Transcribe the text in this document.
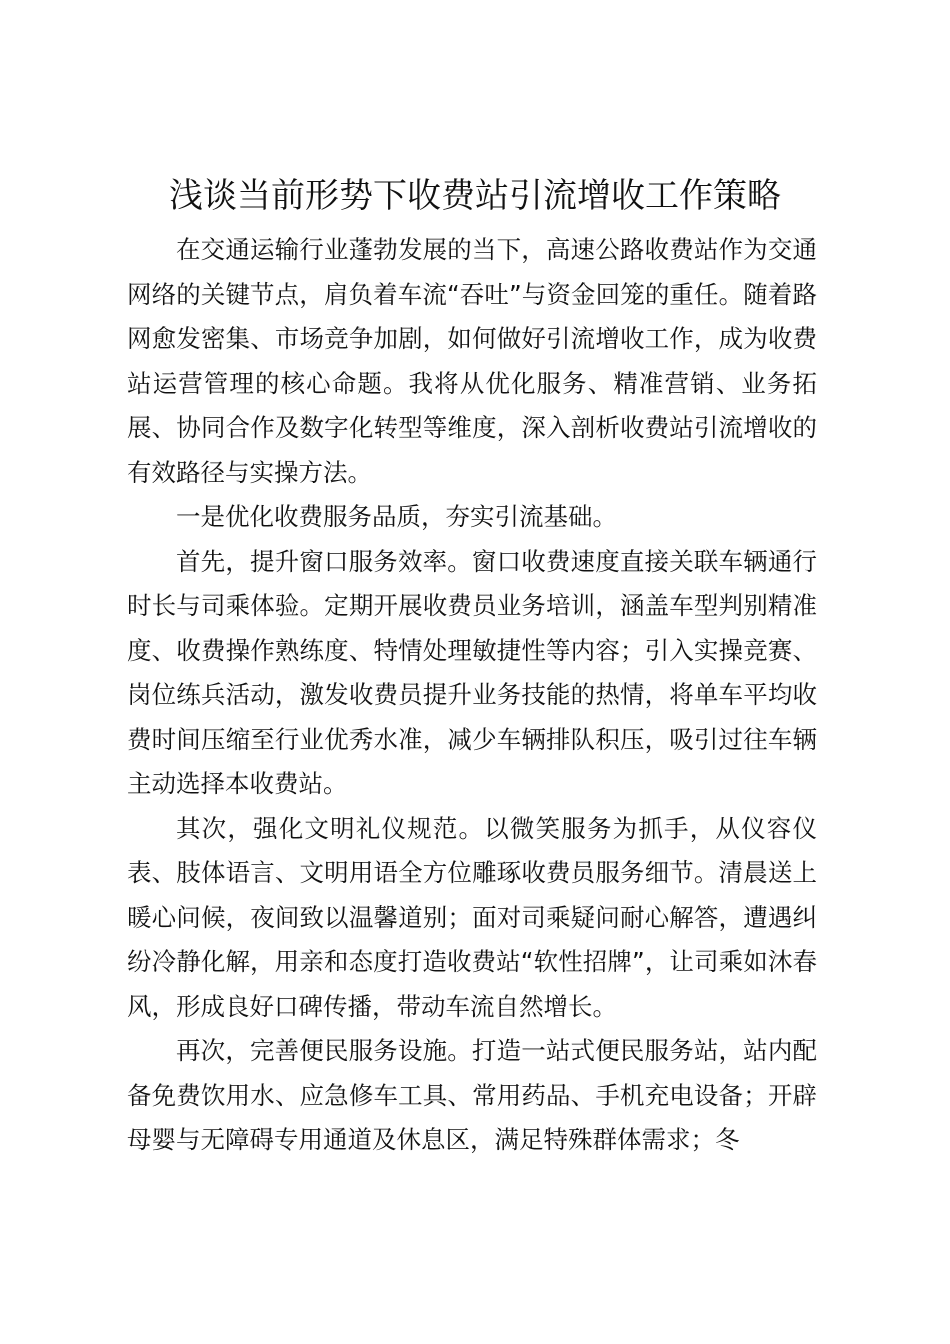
浅谈当前形势下收费站引流增收工作策略

在交通运输行业蓬勃发展的当下，高速公路收费站作为交通网络的关键节点，肩负着车流“吞吐”与资金回笼的重任。随着路网愈发密集、市场竞争加剧，如何做好引流增收工作，成为收费站运营管理的核心命题。我将从优化服务、精准营销、业务拓展、协同合作及数字化转型等维度，深入剖析收费站引流增收的有效路径与实操方法。

一是优化收费服务品质，夯实引流基础。

首先，提升窗口服务效率。窗口收费速度直接关联车辆通行时长与司乘体验。定期开展收费员业务培训，涵盖车型判别精准度、收费操作熟练度、特情处理敏捷性等内容；引入实操竞赛、岗位练兵活动，激发收费员提升业务技能的热情，将单车平均收费时间压缩至行业优秀水准，减少车辆排队积压，吸引过往车辆主动选择本收费站。

其次，强化文明礼仪规范。以微笑服务为抓手，从仪容仪表、肢体语言、文明用语全方位雕琢收费员服务细节。清晨送上暖心问候，夜间致以温馨道别；面对司乘疑问耐心解答，遭遇纠纷冷静化解，用亲和态度打造收费站“软性招牌”，让司乘如沐春风，形成良好口碑传播，带动车流自然增长。

再次，完善便民服务设施。打造一站式便民服务站，站内配备免费饮用水、应急修车工具、常用药品、手机充电设备；开辟母婴与无障碍专用通道及休息区，满足特殊群体需求；冬
